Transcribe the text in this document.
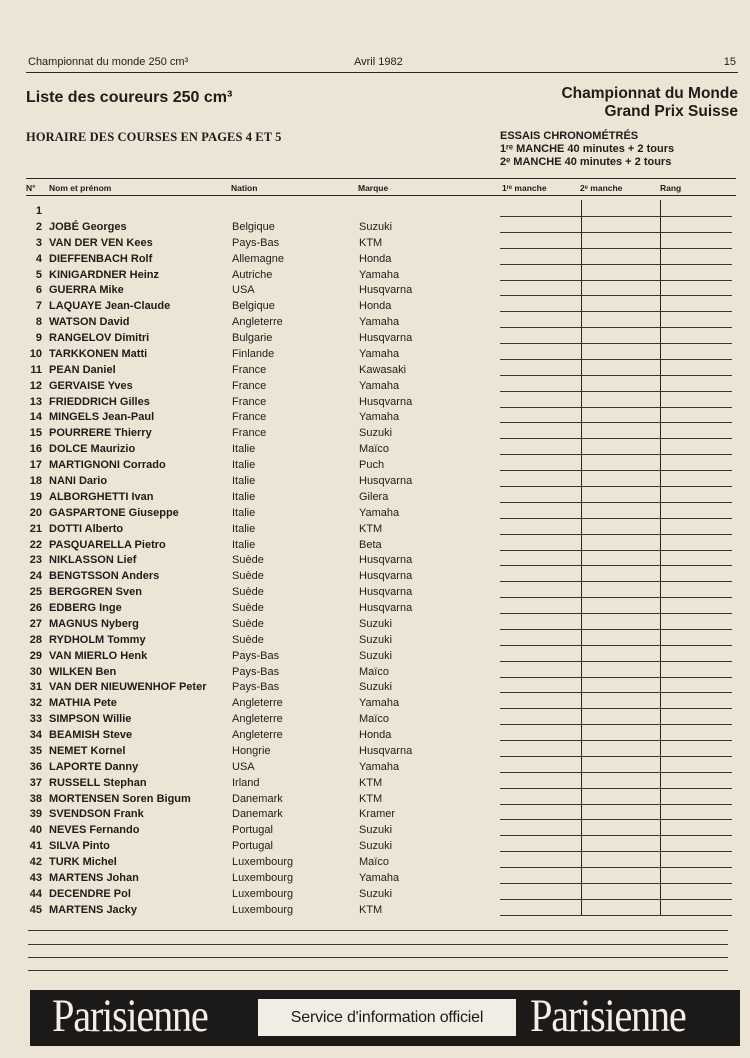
Championnat du monde 250 cm³	Avril 1982	15
Liste des coureurs 250 cm³	Championnat du Monde
Grand Prix Suisse
HORAIRE DES COURSES EN PAGES 4 ET 5	ESSAIS CHRONOMÉTRÉS
1ʳᵉ MANCHE 40 minutes + 2 tours
2ᵉ MANCHE 40 minutes + 2 tours
N° Nom et prénom	Nation	Marque	1ʳᵉ manche	2ᵉ manche	Rang
1
2 JOBÉ Georges	Belgique	Suzuki
3 VAN DER VEN Kees	Pays-Bas	KTM
4 DIEFFENBACH Rolf	Allemagne	Honda
5 KINIGARDNER Heinz	Autriche	Yamaha
6 GUERRA Mike	USA	Husqvarna
7 LAQUAYE Jean-Claude	Belgique	Honda
8 WATSON David	Angleterre	Yamaha
9 RANGELOV Dimitri	Bulgarie	Husqvarna
10 TARKKONEN Matti	Finlande	Yamaha
11 PEAN Daniel	France	Kawasaki
12 GERVAISE Yves	France	Yamaha
13 FRIEDDRICH Gilles	France	Husqvarna
14 MINGELS Jean-Paul	France	Yamaha
15 POURRERE Thierry	France	Suzuki
16 DOLCE Maurizio	Italie	Maïco
17 MARTIGNONI Corrado	Italie	Puch
18 NANI Dario	Italie	Husqvarna
19 ALBORGHETTI Ivan	Italie	Gilera
20 GASPARTONE Giuseppe	Italie	Yamaha
21 DOTTI Alberto	Italie	KTM
22 PASQUARELLA Pietro	Italie	Beta
23 NIKLASSON Lief	Suède	Husqvarna
24 BENGTSSON Anders	Suède	Husqvarna
25 BERGGREN Sven	Suède	Husqvarna
26 EDBERG Inge	Suède	Husqvarna
27 MAGNUS Nyberg	Suède	Suzuki
28 RYDHOLM Tommy	Suède	Suzuki
29 VAN MIERLO Henk	Pays-Bas	Suzuki
30 WILKEN Ben	Pays-Bas	Maïco
31 VAN DER NIEUWENHOF Peter Pays-Bas	Suzuki
32 MATHIA Pete	Angleterre	Yamaha
33 SIMPSON Willie	Angleterre	Maïco
34 BEAMISH Steve	Angleterre	Honda
35 NEMET Kornel	Hongrie	Husqvarna
36 LAPORTE Danny	USA	Yamaha
37 RUSSELL Stephan	Irland	KTM
38 MORTENSEN Soren Bigum	Danemark	KTM
39 SVENDSON Frank	Danemark	Kramer
40 NEVES Fernando	Portugal	Suzuki
41 SILVA Pinto	Portugal	Suzuki
42 TURK Michel	Luxembourg	Maïco
43 MARTENS Johan	Luxembourg	Yamaha
44 DECENDRE Pol	Luxembourg	Suzuki
45 MARTENS Jacky	Luxembourg	KTM
Parisienne	Service d'information officiel Parisienne
